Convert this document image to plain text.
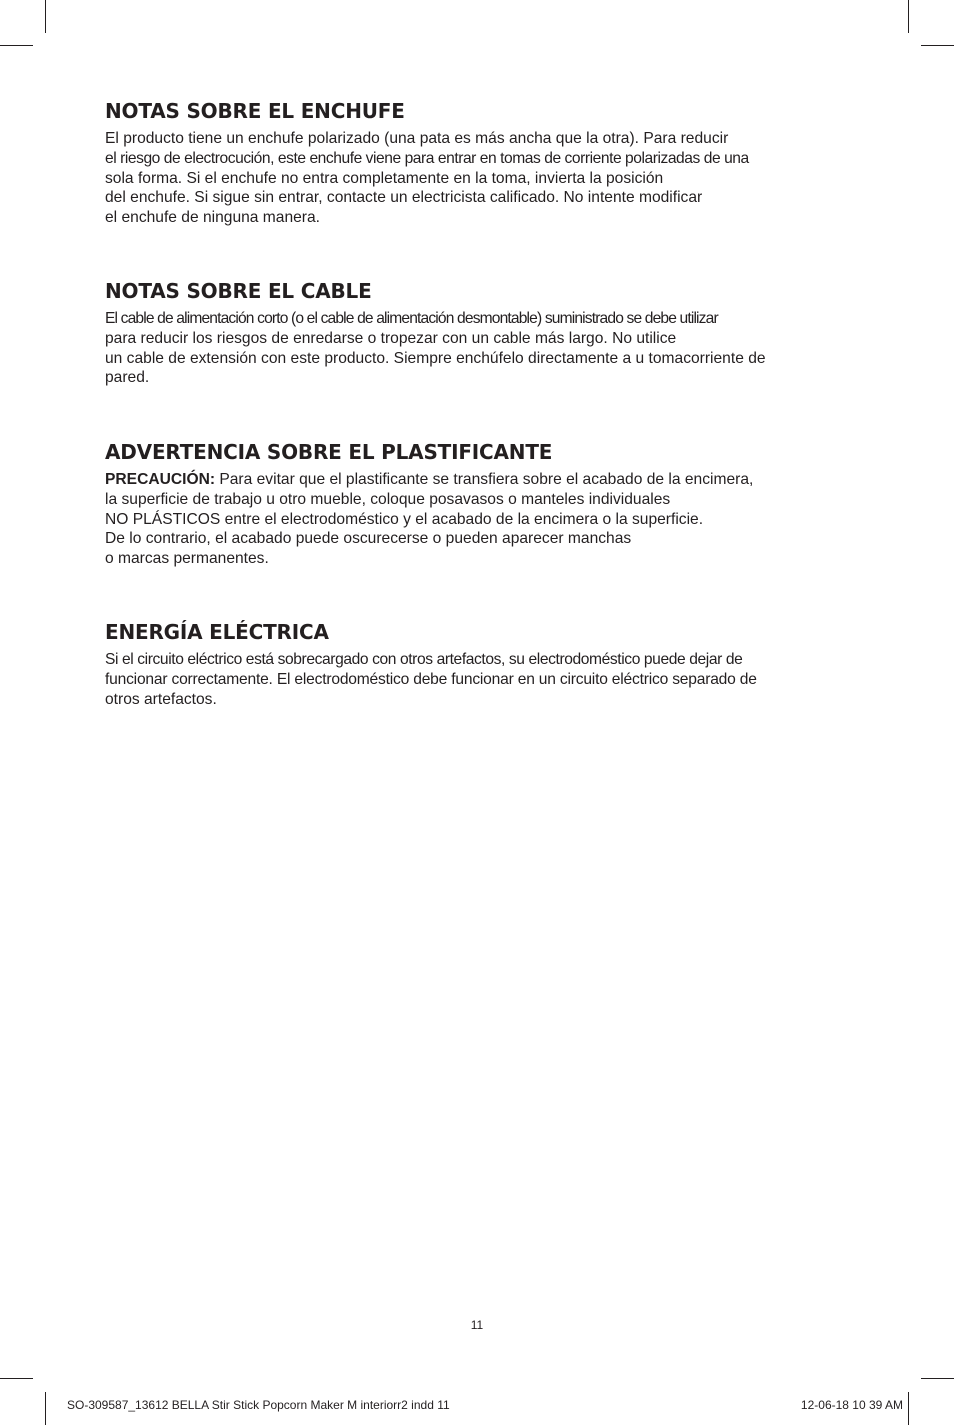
NOTAS SOBRE EL ENCHUFE

El producto tiene un enchufe polarizado (una pata es más ancha que la otra). Para reducir
el riesgo de electrocución, este enchufe viene para entrar en tomas de corriente polarizadas de una
sola forma. Si el enchufe no entra completamente en la toma, invierta la posición
del enchufe. Si sigue sin entrar, contacte un electricista calificado. No intente modificar
el enchufe de ninguna manera.

NOTAS SOBRE EL CABLE

El cable de alimentación corto (o el cable de alimentación desmontable) suministrado se debe utilizar
para reducir los riesgos de enredarse o tropezar con un cable más largo. No utilice
un cable de extensión con este producto. Siempre enchúfelo directamente a u tomacorriente de
pared.

ADVERTENCIA SOBRE EL PLASTIFICANTE

PRECAUCIÓN: Para evitar que el plastificante se transfiera sobre el acabado de la encimera,
la superficie de trabajo u otro mueble, coloque posavasos o manteles individuales
NO PLÁSTICOS entre el electrodoméstico y el acabado de la encimera o la superficie.
De lo contrario, el acabado puede oscurecerse o pueden aparecer manchas
o marcas permanentes.

ENERGÍA ELÉCTRICA

Si el circuito eléctrico está sobrecargado con otros artefactos, su electrodoméstico puede dejar de
funcionar correctamente. El electrodoméstico debe funcionar en un circuito eléctrico separado de
otros artefactos.

11
SO-309587_13612 BELLA Stir Stick Popcorn Maker M interiorr2 indd 11	12-06-18 10 39 AM
